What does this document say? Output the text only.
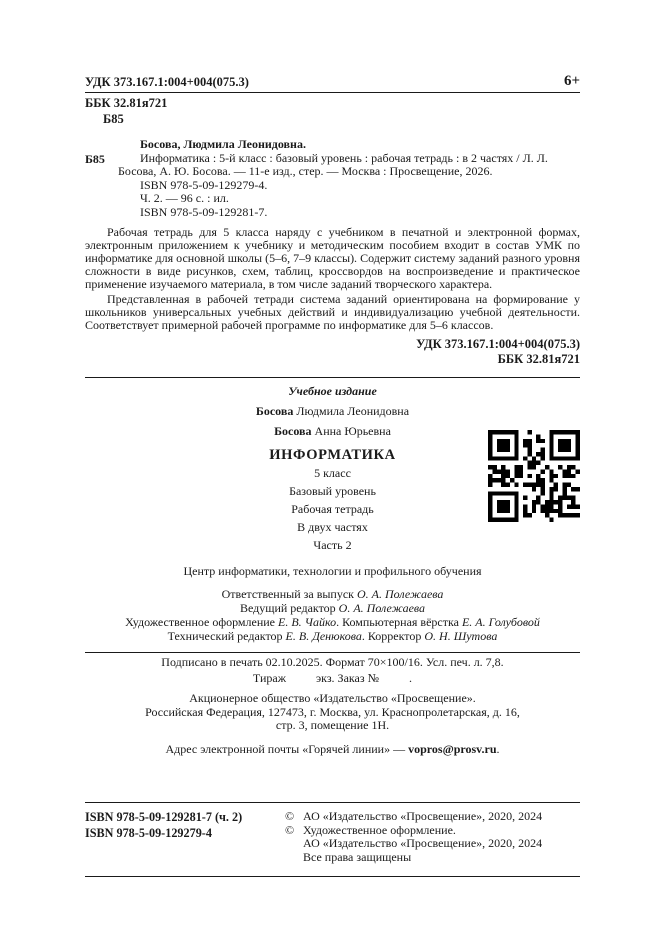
УДК 373.167.1:004+004(075.3)	6+
ББК 32.81я721
Б85
Б85

Босова, Людмила Леонидовна.

Информатика : 5-й класс : базовый уровень : рабочая тетрадь : в 2 частях / Л. Л. Босова, А. Ю. Босова. — 11-е изд., стер. — Москва : Просвещение, 2026.

ISBN 978-5-09-129279-4.

Ч. 2. — 96 с. : ил.

ISBN 978-5-09-129281-7.

Рабочая тетрадь для 5 класса наряду с учебником в печатной и электронной формах, электронным приложением к учебнику и методическим пособием входит в состав УМК по информатике для основной школы (5–6, 7–9 классы). Содержит систему заданий разного уровня сложности в виде рисунков, схем, таблиц, кроссвордов на воспроизведение и практическое применение изучаемого материала, в том числе заданий творческого характера.

Представленная в рабочей тетради система заданий ориентирована на формирование у школьников универсальных учебных действий и индивидуализацию учебной деятельности. Соответствует примерной рабочей программе по информатике для 5–6 классов.

УДК 373.167.1:004+004(075.3)
ББК 32.81я721
Учебное издание
Босова Людмила Леонидовна
Босова Анна Юрьевна
ИНФОРМАТИКА
5 класс
Базовый уровень
Рабочая тетрадь
В двух частях
Часть 2
Центр информатики, технологии и профильного обучения
Ответственный за выпуск О. А. Полежаева
Ведущий редактор О. А. Полежаева
Художественное оформление Е. В. Чайко. Компьютерная вёрстка Е. А. Голубовой
Технический редактор Е. В. Денюкова. Корректор О. Н. Шутова
Подписано в печать 02.10.2025. Формат 70×100/16. Усл. печ. л. 7,8.
Тираж          экз. Заказ №          .
Акционерное общество «Издательство «Просвещение».
Российская Федерация, 127473, г. Москва, ул. Краснопролетарская, д. 16,
стр. 3, помещение 1Н.
Адрес электронной почты «Горячей линии» — vopros@prosv.ru.
ISBN 978-5-09-129281-7 (ч. 2)
ISBN 978-5-09-129279-4
© АО «Издательство «Просвещение», 2020, 2024
© Художественное оформление.
АО «Издательство «Просвещение», 2020, 2024
Все права защищены
